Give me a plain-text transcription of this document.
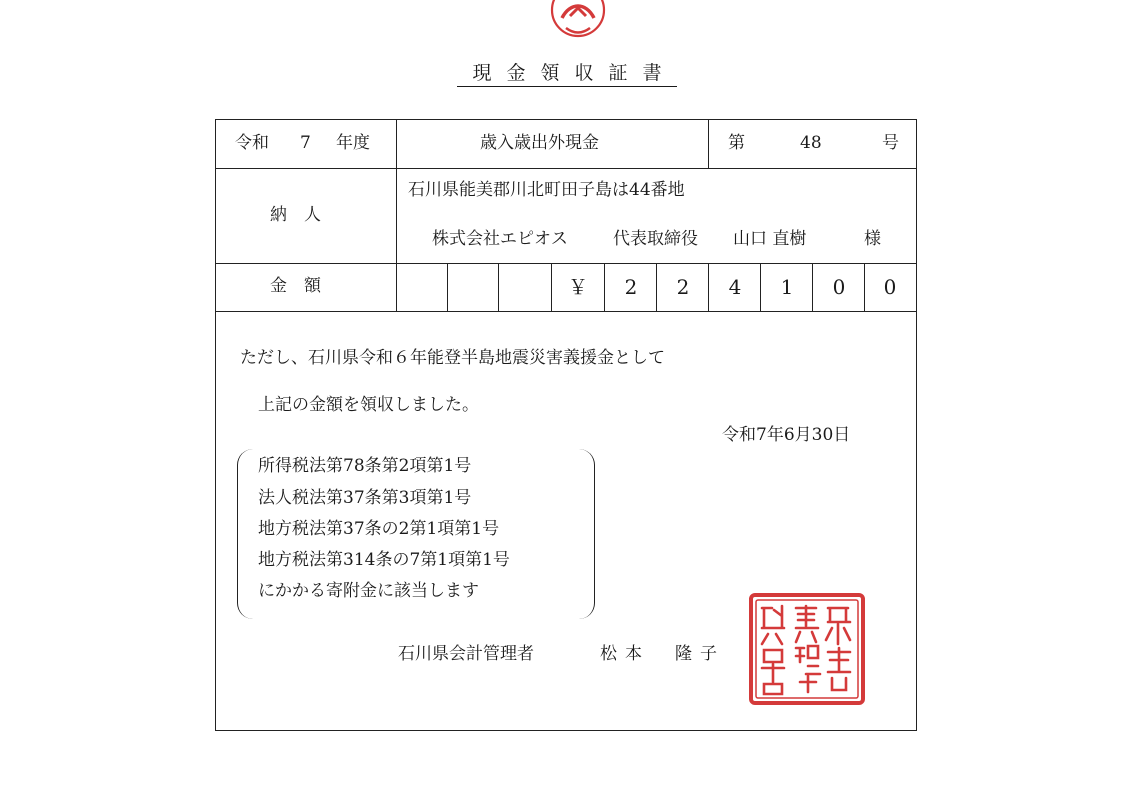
現金領収証書
令和 7 年度	歳入歳出外現金	第	48	号
納　人
石川県能美郡川北町田子島は44番地
株式会社エピオス	代表取締役 山口 直樹	様
金　額	￥	2	2	4	1	0	0
ただし、石川県令和６年能登半島地震災害義援金として
上記の金額を領収しました。
令和7年6月30日
所得税法第78条第2項第1号
法人税法第37条第3項第1号
地方税法第37条の2第1項第1号
地方税法第314条の7第1項第1号
にかかる寄附金に該当します
石川県会計管理者	松本　隆子
